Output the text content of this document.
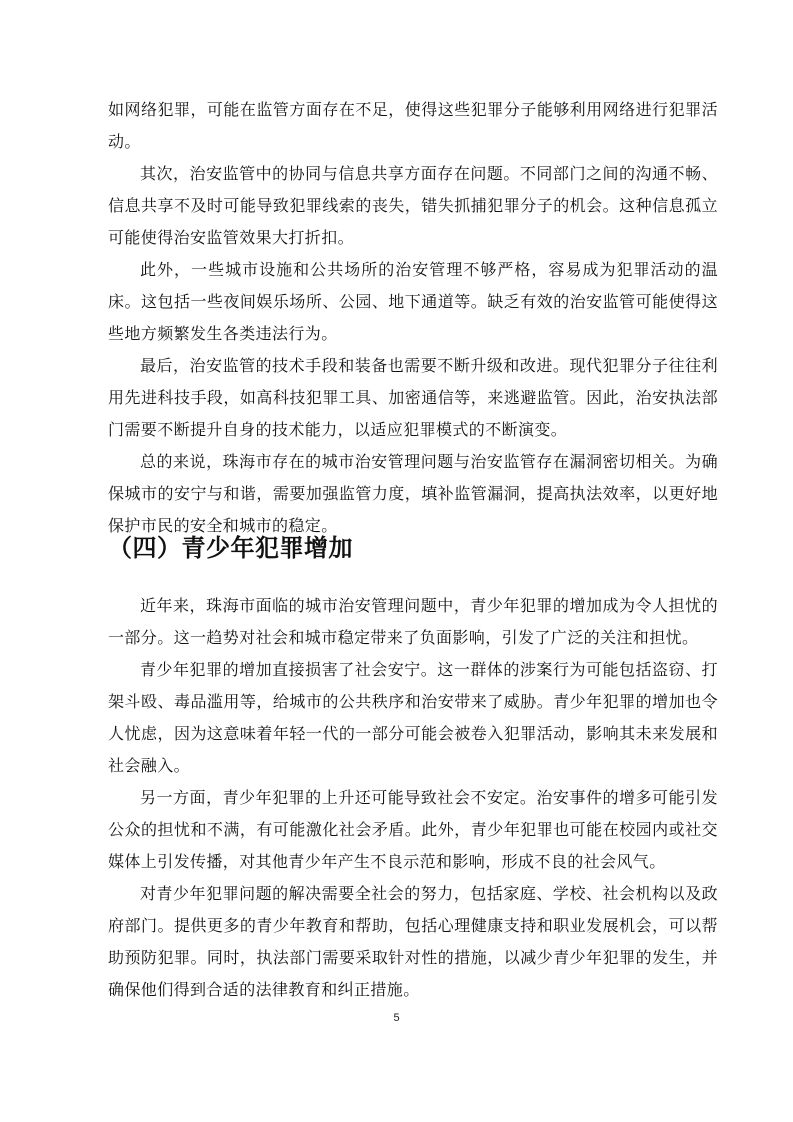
如网络犯罪，可能在监管方面存在不足，使得这些犯罪分子能够利用网络进行犯罪活动。

其次，治安监管中的协同与信息共享方面存在问题。不同部门之间的沟通不畅、信息共享不及时可能导致犯罪线索的丧失，错失抓捕犯罪分子的机会。这种信息孤立可能使得治安监管效果大打折扣。

此外，一些城市设施和公共场所的治安管理不够严格，容易成为犯罪活动的温床。这包括一些夜间娱乐场所、公园、地下通道等。缺乏有效的治安监管可能使得这些地方频繁发生各类违法行为。

最后，治安监管的技术手段和装备也需要不断升级和改进。现代犯罪分子往往利用先进科技手段，如高科技犯罪工具、加密通信等，来逃避监管。因此，治安执法部门需要不断提升自身的技术能力，以适应犯罪模式的不断演变。

总的来说，珠海市存在的城市治安管理问题与治安监管存在漏洞密切相关。为确保城市的安宁与和谐，需要加强监管力度，填补监管漏洞，提高执法效率，以更好地保护市民的安全和城市的稳定。

（四）青少年犯罪增加

近年来，珠海市面临的城市治安管理问题中，青少年犯罪的增加成为令人担忧的一部分。这一趋势对社会和城市稳定带来了负面影响，引发了广泛的关注和担忧。

青少年犯罪的增加直接损害了社会安宁。这一群体的涉案行为可能包括盗窃、打架斗殴、毒品滥用等，给城市的公共秩序和治安带来了威胁。青少年犯罪的增加也令人忧虑，因为这意味着年轻一代的一部分可能会被卷入犯罪活动，影响其未来发展和社会融入。

另一方面，青少年犯罪的上升还可能导致社会不安定。治安事件的增多可能引发公众的担忧和不满，有可能激化社会矛盾。此外，青少年犯罪也可能在校园内或社交媒体上引发传播，对其他青少年产生不良示范和影响，形成不良的社会风气。

对青少年犯罪问题的解决需要全社会的努力，包括家庭、学校、社会机构以及政府部门。提供更多的青少年教育和帮助，包括心理健康支持和职业发展机会，可以帮助预防犯罪。同时，执法部门需要采取针对性的措施，以减少青少年犯罪的发生，并确保他们得到合适的法律教育和纠正措施。

5
